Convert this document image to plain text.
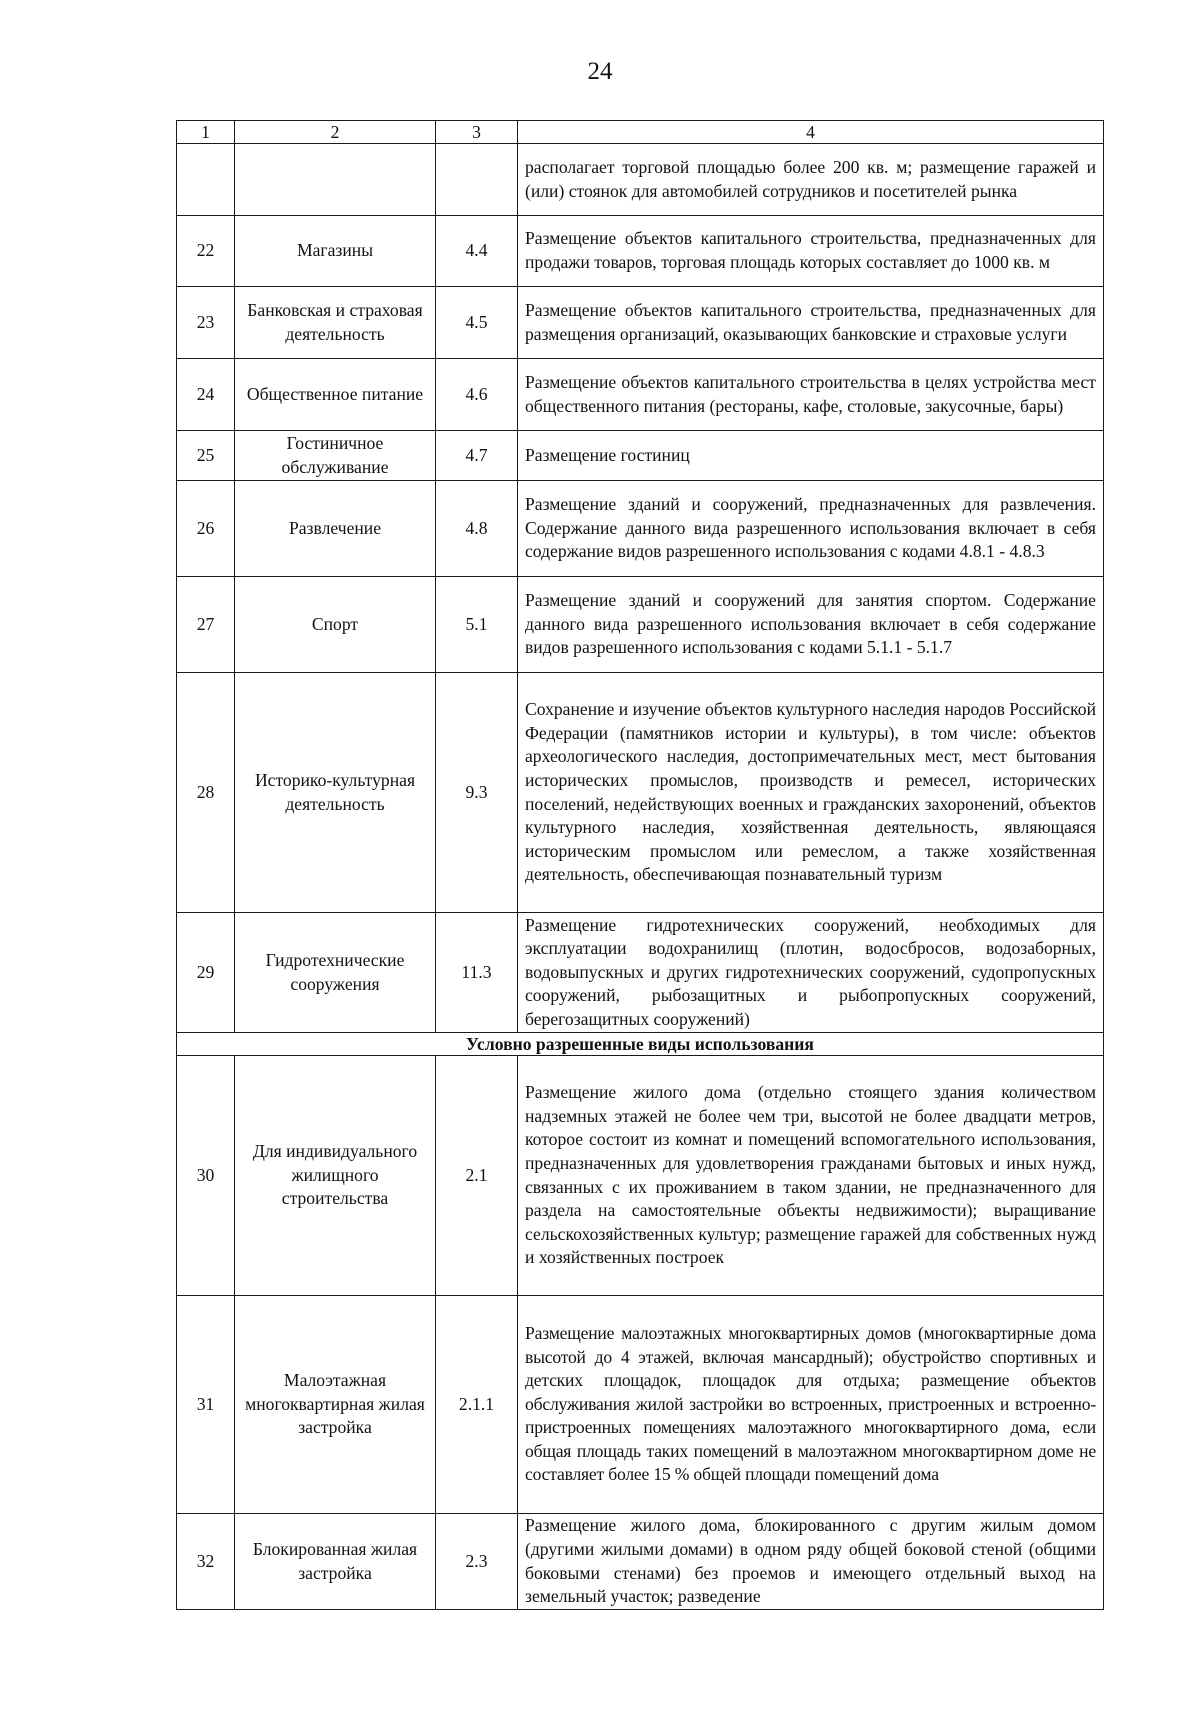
24
1	2	3	4
			располагает торговой площадью более 200 кв. м; размещение гаражей и (или) стоянок для автомобилей сотрудников и посетителей рынка
22	Магазины	4.4	Размещение объектов капитального строительства, предназначенных для продажи товаров, торговая площадь которых составляет до 1000 кв. м
23	Банковская и страховая деятельность	4.5	Размещение объектов капитального строительства, предназначенных для размещения организаций, оказывающих банковские и страховые услуги
24	Общественное питание	4.6	Размещение объектов капитального строительства в целях устройства мест общественного питания (рестораны, кафе, столовые, закусочные, бары)
25	Гостиничное обслуживание	4.7	Размещение гостиниц
26	Развлечение	4.8	Размещение зданий и сооружений, предназначенных для развлечения. Содержание данного вида разрешенного использования включает в себя содержание видов разрешенного использования с кодами 4.8.1 - 4.8.3
27	Спорт	5.1	Размещение зданий и сооружений для занятия спортом. Содержание данного вида разрешенного использования включает в себя содержание видов разрешенного использования с кодами 5.1.1 - 5.1.7
28	Историко-культурная деятельность	9.3	Сохранение и изучение объектов культурного наследия народов Российской Федерации (памятников истории и культуры), в том числе: объектов археологического наследия, достопримечательных мест, мест бытования исторических промыслов, производств и ремесел, исторических поселений, недействующих военных и гражданских захоронений, объектов культурного наследия, хозяйственная деятельность, являющаяся историческим промыслом или ремеслом, а также хозяйственная деятельность, обеспечивающая познавательный туризм
29	Гидротехнические сооружения	11.3	Размещение гидротехнических сооружений, необходимых для эксплуатации водохранилищ (плотин, водосбросов, водозаборных, водовыпускных и других гидротехнических сооружений, судопропускных сооружений, рыбозащитных и рыбопропускных сооружений, берегозащитных сооружений)
Условно разрешенные виды использования			
30	Для индивидуального жилищного строительства	2.1	Размещение жилого дома (отдельно стоящего здания количеством надземных этажей не более чем три, высотой не более двадцати метров, которое состоит из комнат и помещений вспомогательного использования, предназначенных для удовлетворения гражданами бытовых и иных нужд, связанных с их проживанием в таком здании, не предназначенного для раздела на самостоятельные объекты недвижимости); выращивание сельскохозяйственных культур; размещение гаражей для собственных нужд и хозяйственных построек
31	Малоэтажная многоквартирная жилая застройка	2.1.1	Размещение малоэтажных многоквартирных домов (многоквартирные дома высотой до 4 этажей, включая мансардный); обустройство спортивных и детских площадок, площадок для отдыха; размещение объектов обслуживания жилой застройки во встроенных, пристроенных и встроенно-пристроенных помещениях малоэтажного многоквартирного дома, если общая площадь таких помещений в малоэтажном многоквартирном доме не составляет более 15 % общей площади помещений дома
32	Блокированная жилая застройка	2.3	Размещение жилого дома, блокированного с другим жилым домом (другими жилыми домами) в одном ряду общей боковой стеной (общими боковыми стенами) без проемов и имеющего отдельный выход на земельный участок; разведение
